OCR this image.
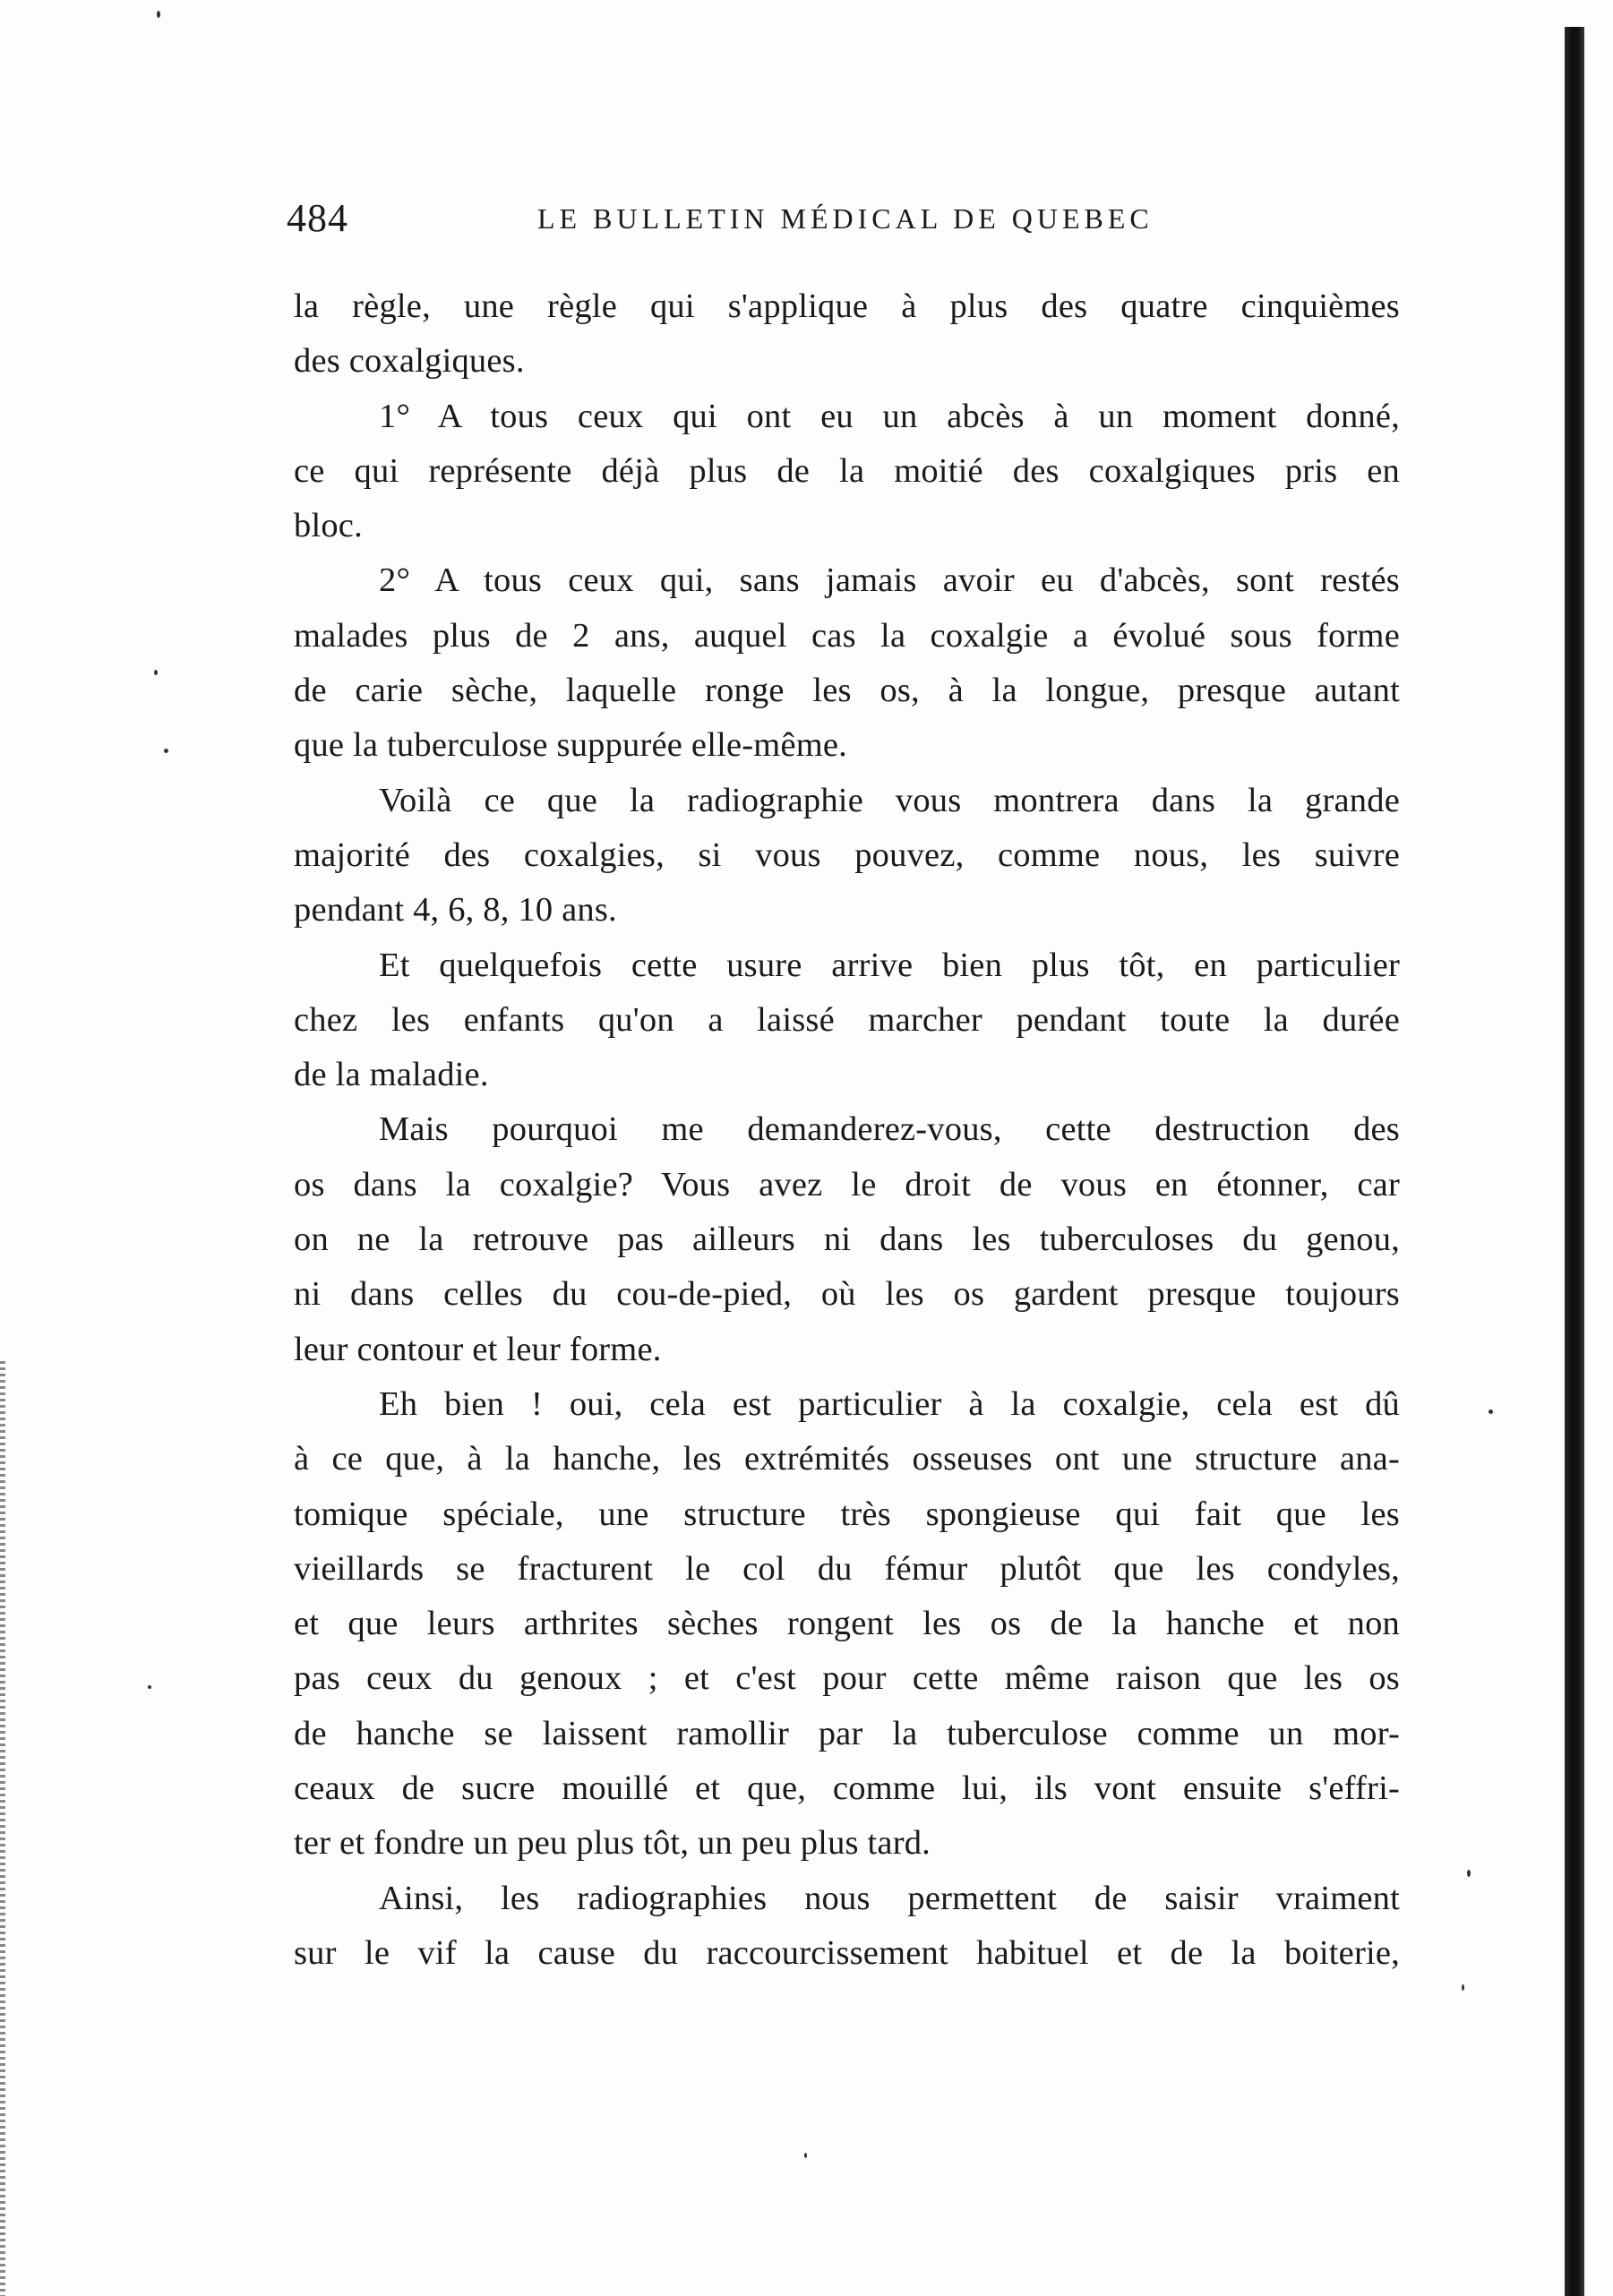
484	LE BULLETIN MÉDICAL DE QUEBEC
la règle, une règle qui s'applique à plus des quatre cinquièmes
des coxalgiques.
1° A tous ceux qui ont eu un abcès à un moment donné,
ce qui représente déjà plus de la moitié des coxalgiques pris en
bloc.
2° A tous ceux qui, sans jamais avoir eu d'abcès, sont restés
malades plus de 2 ans, auquel cas la coxalgie a évolué sous forme
de carie sèche, laquelle ronge les os, à la longue, presque autant
que la tuberculose suppurée elle-même.
Voilà ce que la radiographie vous montrera dans la grande
majorité des coxalgies, si vous pouvez, comme nous, les suivre
pendant 4, 6, 8, 10 ans.
Et quelquefois cette usure arrive bien plus tôt, en particulier
chez les enfants qu'on a laissé marcher pendant toute la durée
de la maladie.
Mais pourquoi me demanderez-vous, cette destruction des
os dans la coxalgie? Vous avez le droit de vous en étonner, car
on ne la retrouve pas ailleurs ni dans les tuberculoses du genou,
ni dans celles du cou-de-pied, où les os gardent presque toujours
leur contour et leur forme.
Eh bien ! oui, cela est particulier à la coxalgie, cela est dû
à ce que, à la hanche, les extrémités osseuses ont une structure ana-
tomique spéciale, une structure très spongieuse qui fait que les
vieillards se fracturent le col du fémur plutôt que les condyles,
et que leurs arthrites sèches rongent les os de la hanche et non
pas ceux du genoux ; et c'est pour cette même raison que les os
de hanche se laissent ramollir par la tuberculose comme un mor-
ceaux de sucre mouillé et que, comme lui, ils vont ensuite s'effri-
ter et fondre un peu plus tôt, un peu plus tard.
Ainsi, les radiographies nous permettent de saisir vraiment
sur le vif la cause du raccourcissement habituel et de la boiterie,
